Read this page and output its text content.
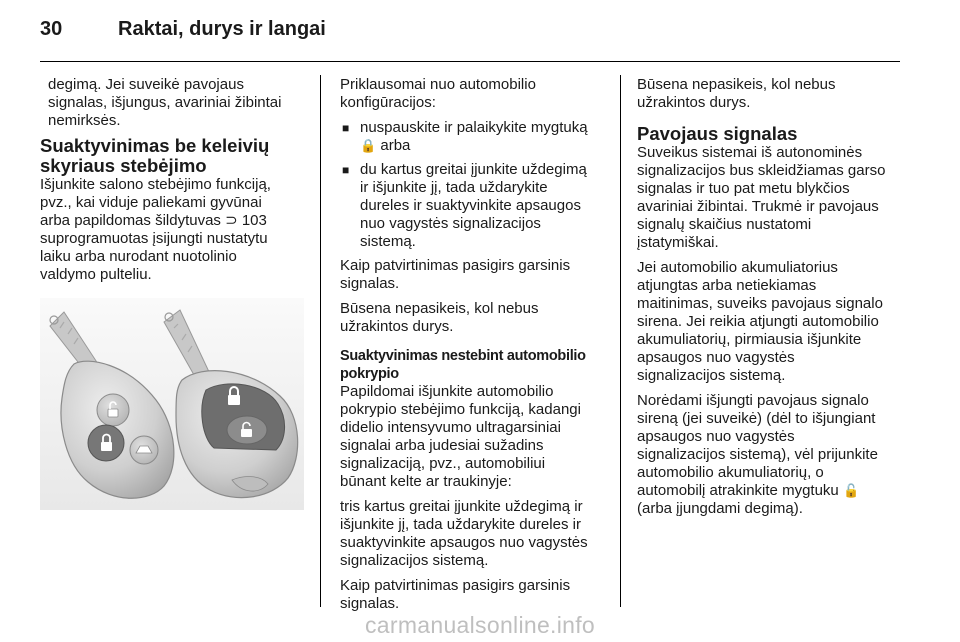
30	Raktai, durys ir langai
degimą. Jei suveikė pavojaus
signalas, išjungus, avariniai žibintai
nemirksės.
Suaktyvinimas be keleivių
skyriaus stebėjimo
Išjunkite salono stebėjimo funkciją,
pvz., kai viduje paliekami gyvūnai
arba papildomas šildytuvas ⊃ 103
suprogramuotas įsijungti nustatytu
laiku arba nurodant nuotolinio
valdymo pulteliu.

Priklausomai nuo automobilio
konfigūracijos:

■ nuspauskite ir palaikykite mygtuką
🔒 arba
■ du kartus greitai įjunkite uždegimą
ir išjunkite jį, tada uždarykite
dureles ir suaktyvinkite apsaugos
nuo vagystės signalizacijos
sistemą.

Kaip patvirtinimas pasigirs garsinis
signalas.

Būsena nepasikeis, kol nebus
užrakintos durys.

Suaktyvinimas nestebint automobilio
pokrypio

Papildomai išjunkite automobilio
pokrypio stebėjimo funkciją, kadangi
didelio intensyvumo ultragarsiniai
signalai arba judesiai sužadins
signalizaciją, pvz., automobiliui
būnant kelte ar traukinyje:

tris kartus greitai įjunkite uždegimą ir
išjunkite jį, tada uždarykite dureles ir
suaktyvinkite apsaugos nuo vagystės
signalizacijos sistemą.

Kaip patvirtinimas pasigirs garsinis
signalas.

Būsena nepasikeis, kol nebus
užrakintos durys.

Pavojaus signalas

Suveikus sistemai iš autonominės
signalizacijos bus skleidžiamas garso
signalas ir tuo pat metu blykčios
avariniai žibintai. Trukmė ir pavojaus
signalų skaičius nustatomi
įstatymiškai.

Jei automobilio akumuliatorius
atjungtas arba netiekiamas
maitinimas, suveiks pavojaus signalo
sirena. Jei reikia atjungti automobilio
akumuliatorių, pirmiausia išjunkite
apsaugos nuo vagystės
signalizacijos sistemą.

Norėdami išjungti pavojaus signalo
sireną (jei suveikė) (dėl to išjungiant
apsaugos nuo vagystės
signalizacijos sistemą), vėl prijunkite
automobilio akumuliatorių, o
automobilį atrakinkite mygtuku 🔓
(arba įjungdami degimą).

carmanualsonline.info
